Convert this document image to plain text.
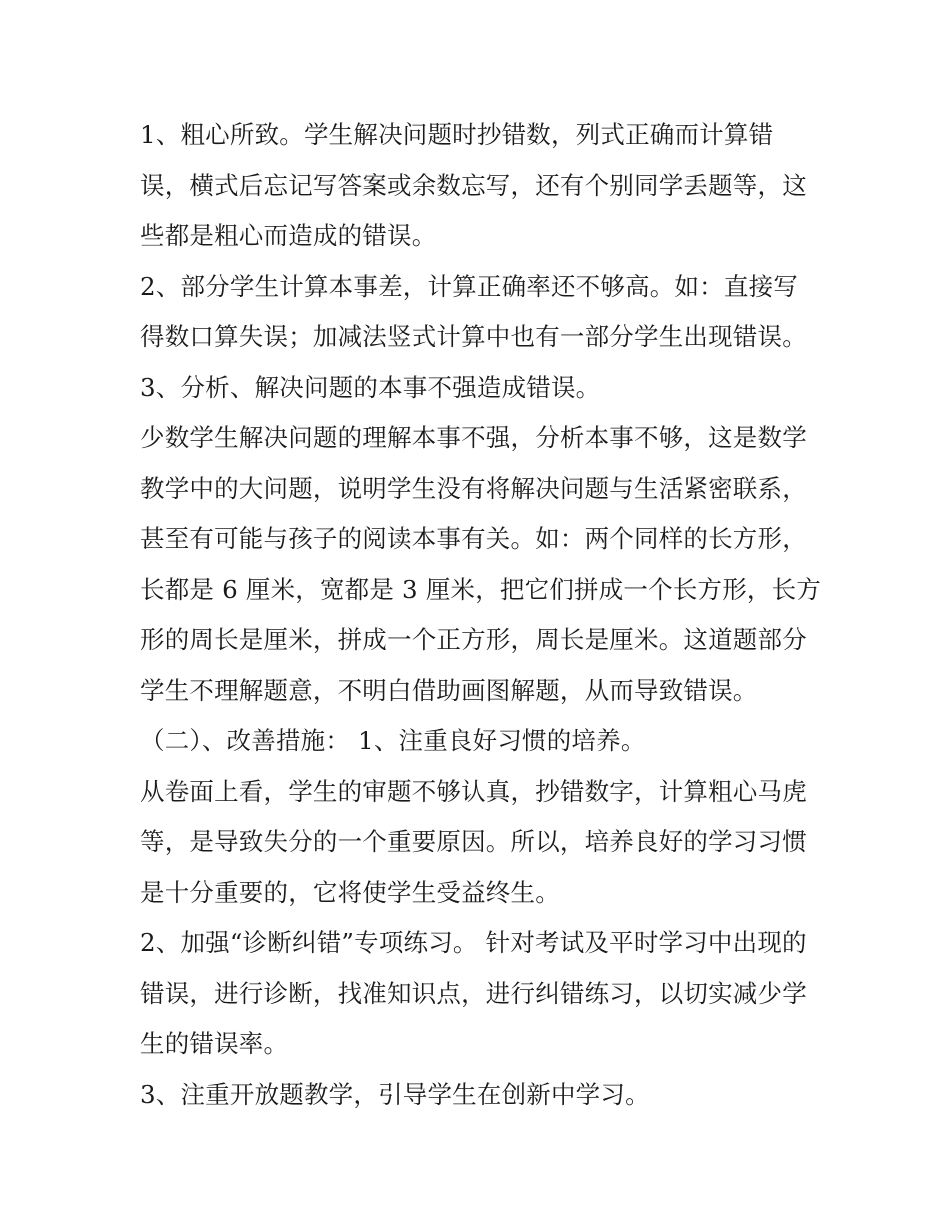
1、粗心所致。学生解决问题时抄错数，列式正确而计算错
误，横式后忘记写答案或余数忘写，还有个别同学丢题等，这
些都是粗心而造成的错误。
2、部分学生计算本事差，计算正确率还不够高。如：直接写
得数口算失误；加减法竖式计算中也有一部分学生出现错误。
3、分析、解决问题的本事不强造成错误。
少数学生解决问题的理解本事不强，分析本事不够，这是数学
教学中的大问题，说明学生没有将解决问题与生活紧密联系，
甚至有可能与孩子的阅读本事有关。如：两个同样的长方形，
长都是 6 厘米，宽都是 3 厘米，把它们拼成一个长方形，长方
形的周长是厘米，拼成一个正方形，周长是厘米。这道题部分
学生不理解题意，不明白借助画图解题，从而导致错误。
（二）、改善措施： 1、注重良好习惯的培养。
从卷面上看，学生的审题不够认真，抄错数字，计算粗心马虎
等，是导致失分的一个重要原因。所以，培养良好的学习习惯
是十分重要的，它将使学生受益终生。
2、加强“诊断纠错”专项练习。 针对考试及平时学习中出现的
错误，进行诊断，找准知识点，进行纠错练习，以切实减少学
生的错误率。
3、注重开放题教学，引导学生在创新中学习。
